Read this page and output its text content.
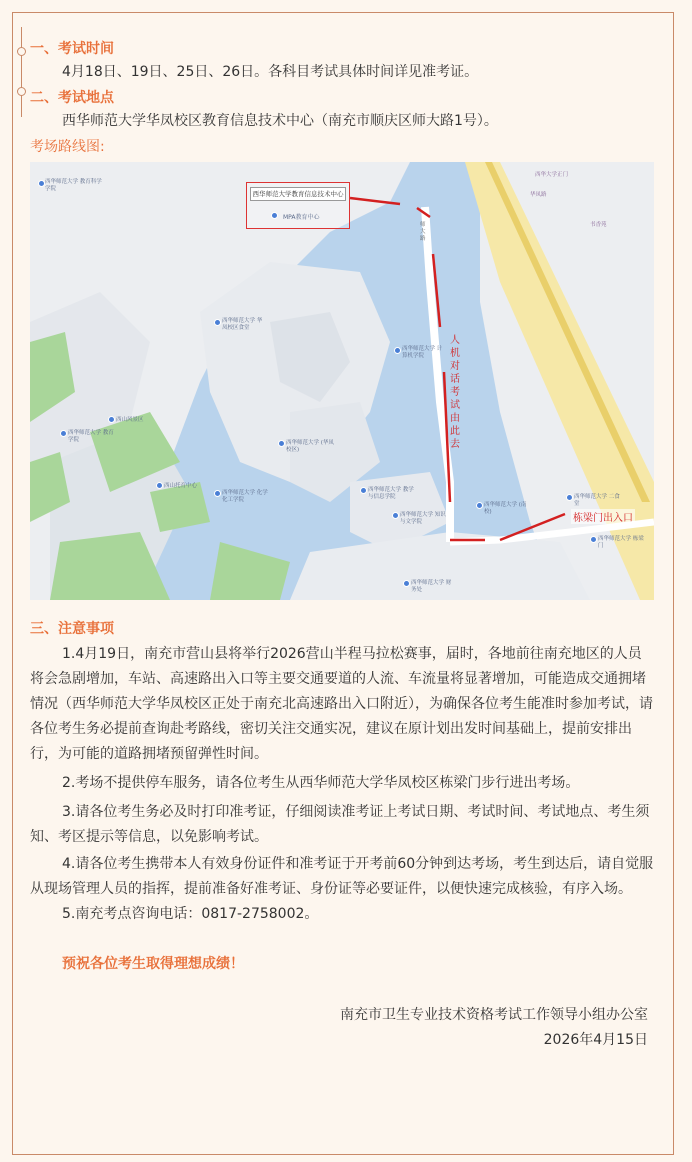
一、考试时间
4月18日、19日、25日、26日。各科目考试具体时间详见准考证。
二、考试地点
西华师范大学华凤校区教育信息技术中心（南充市顺庆区师大路1号）。
考场路线图:
西华师范大学教育信息技术中心
MPA教育中心
人机对话考试由此去
栋梁门出入口
西华师范大学 教育科学学院
西华师范大学 华凤校区食堂
西华师范大学 计算机学院
西华师范大学 (华凤校区)
西华师范大学 教学与信息学院
西华师范大学 知识与文学院
西华师范大学 (南校)
西华师范大学 财务处
西华师范大学 二食堂
西华师范大学 教育学院
西华师范大学 化学化工学院
西山托育中心
西山风景区
西华师范大学 栋梁门
华凤路
师大路
书香苑
西华大学正门
三、注意事项
1.4月19日，南充市营山县将举行2026营山半程马拉松赛事，届时，各地前往南充地区的人员将会急剧增加，车站、高速路出入口等主要交通要道的人流、车流量将显著增加，可能造成交通拥堵情况（西华师范大学华凤校区正处于南充北高速路出入口附近），为确保各位考生能准时参加考试，请各位考生务必提前查询赴考路线，密切关注交通实况，建议在原计划出发时间基础上，提前安排出行，为可能的道路拥堵预留弹性时间。
2.考场不提供停车服务，请各位考生从西华师范大学华凤校区栋梁门步行进出考场。
3.请各位考生务必及时打印准考证，仔细阅读准考证上考试日期、考试时间、考试地点、考生须知、考区提示等信息，以免影响考试。
4.请各位考生携带本人有效身份证件和准考证于开考前60分钟到达考场，考生到达后，请自觉服从现场管理人员的指挥，提前准备好准考证、身份证等必要证件，以便快速完成核验，有序入场。
5.南充考点咨询电话：0817-2758002。
预祝各位考生取得理想成绩！
南充市卫生专业技术资格考试工作领导小组办公室
2026年4月15日
